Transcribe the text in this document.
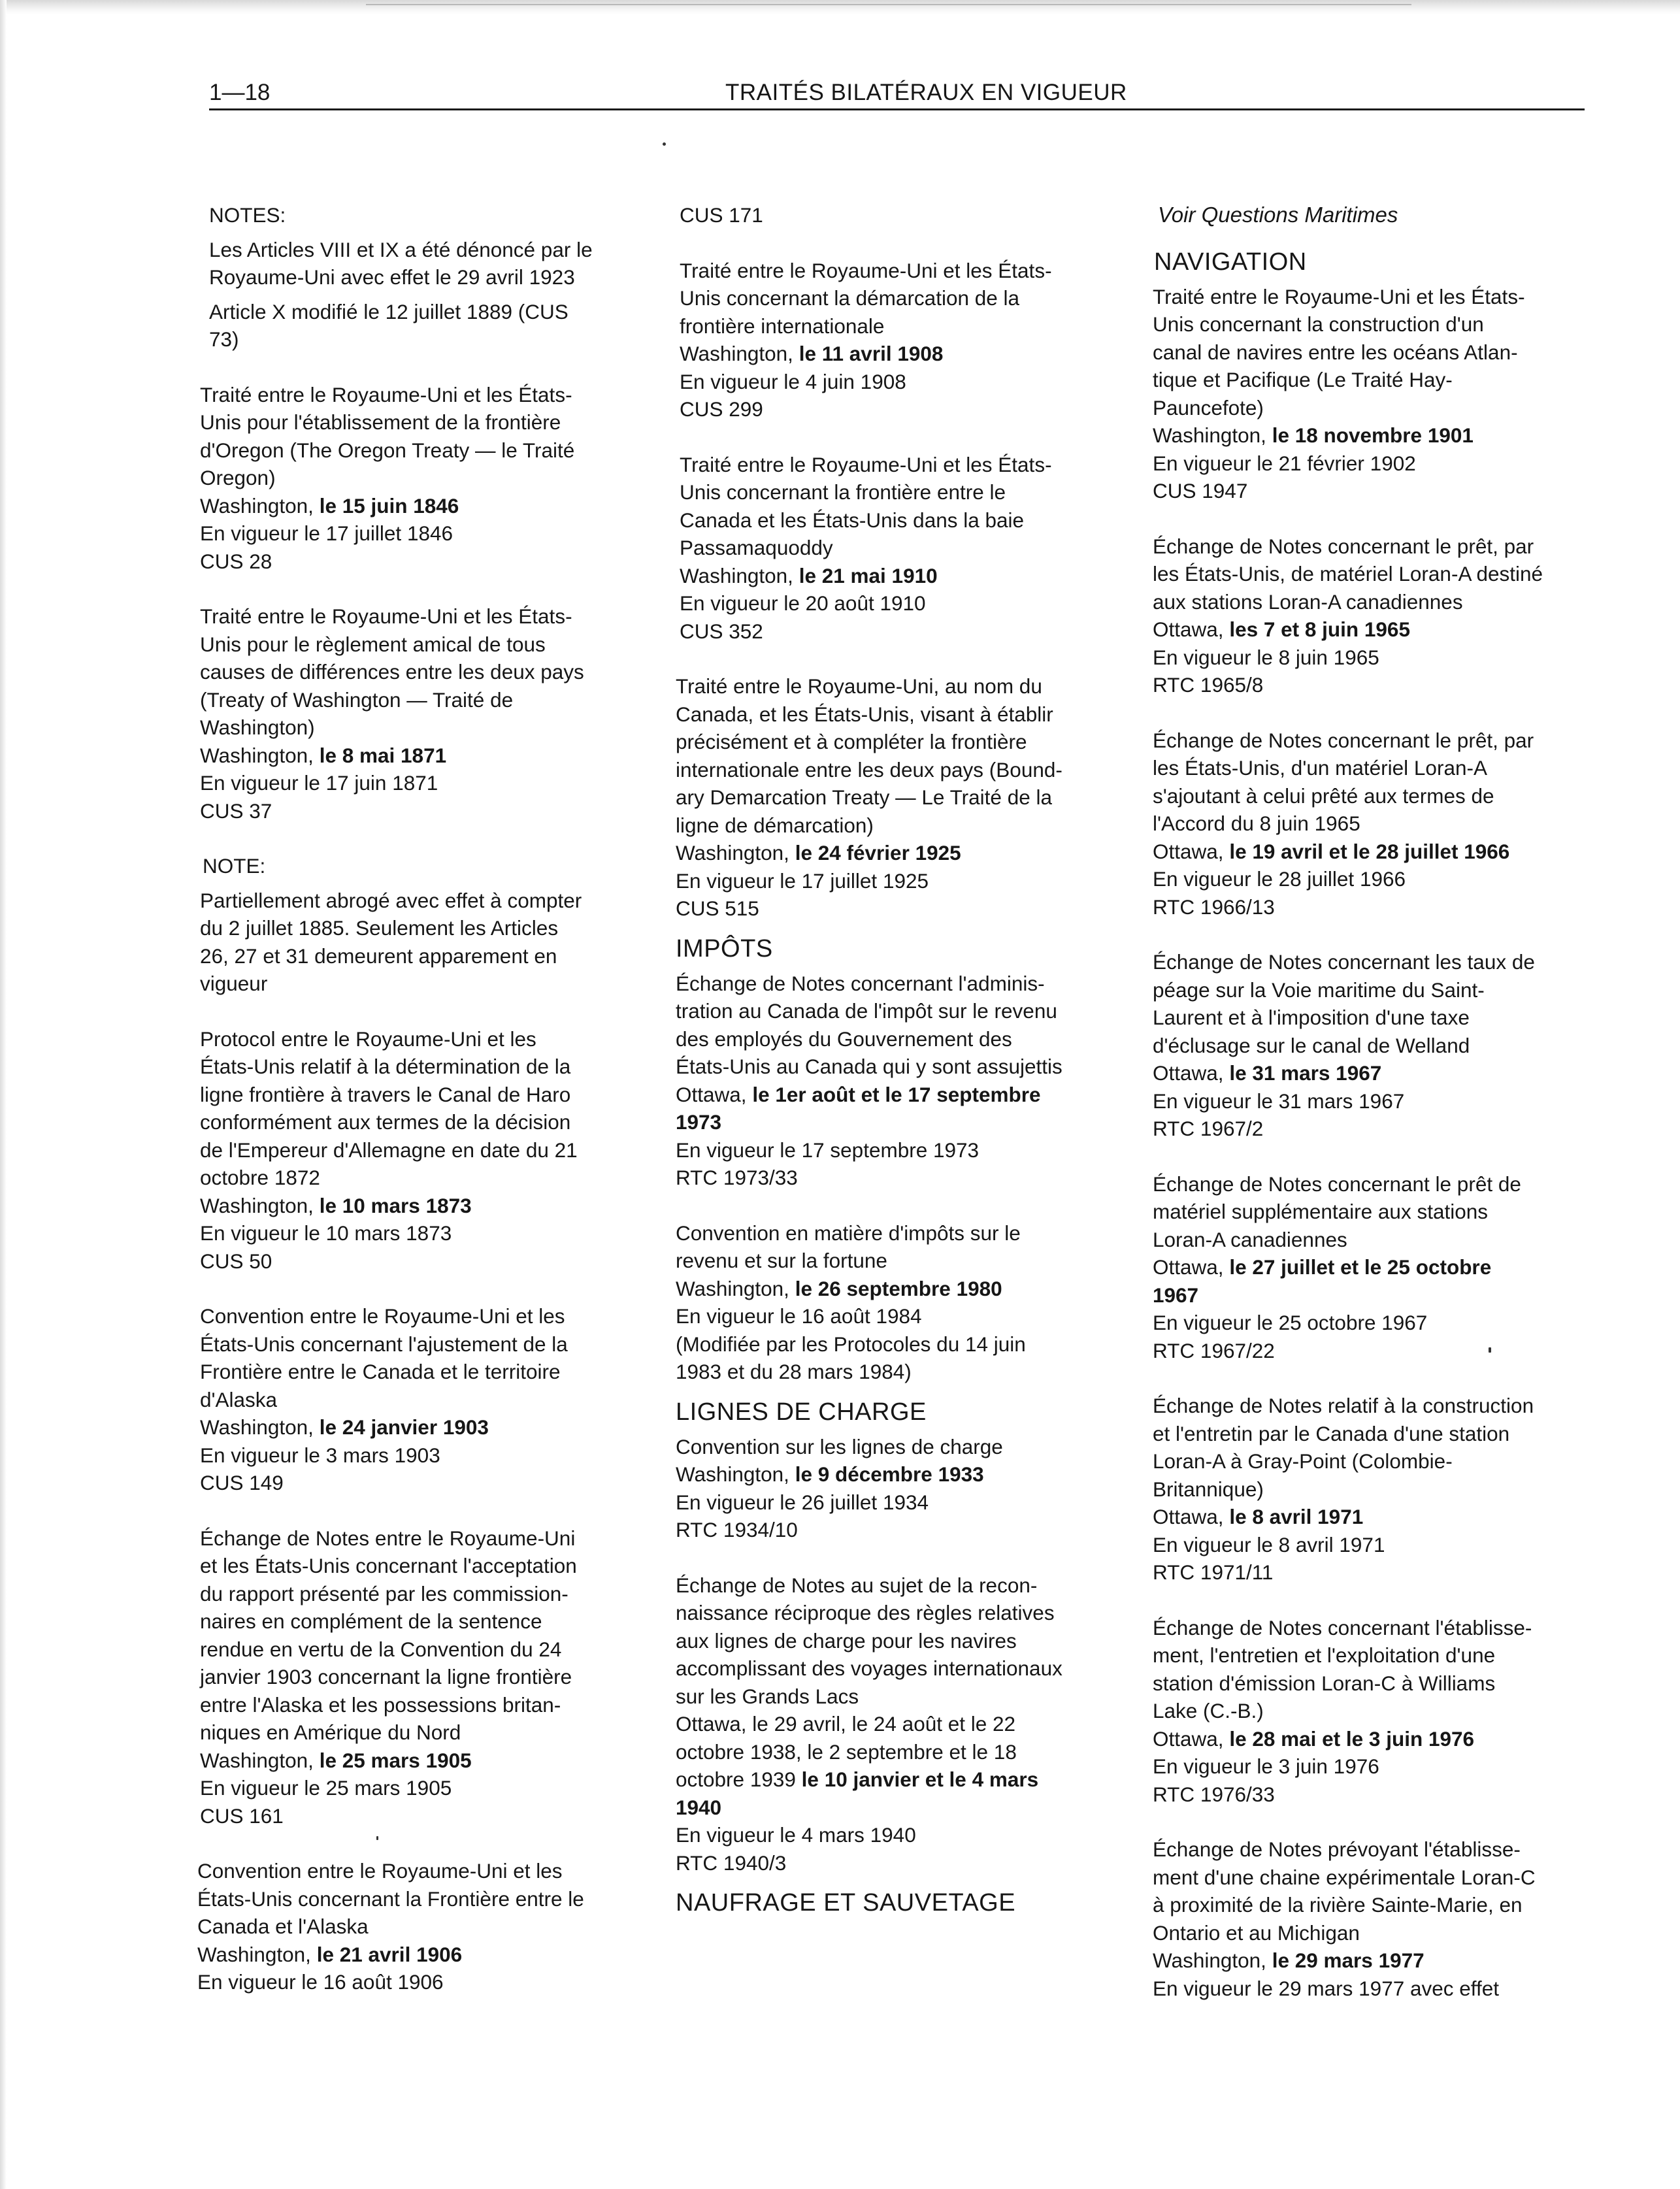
1—18	TRAITÉS BILATÉRAUX EN VIGUEUR
NOTES:
Les Articles VIII et IX a été dénoncé par le
Royaume-Uni avec effet le 29 avril 1923
Article X modifié le 12 juillet 1889 (CUS
73)
Traité entre le Royaume-Uni et les États-
Unis pour l'établissement de la frontière
d'Oregon (The Oregon Treaty — le Traité
Oregon)
Washington, le 15 juin 1846
En vigueur le 17 juillet 1846
CUS 28
Traité entre le Royaume-Uni et les États-
Unis pour le règlement amical de tous
causes de différences entre les deux pays
(Treaty of Washington — Traité de
Washington)
Washington, le 8 mai 1871
En vigueur le 17 juin 1871
CUS 37
NOTE:
Partiellement abrogé avec effet à compter
du 2 juillet 1885. Seulement les Articles
26, 27 et 31 demeurent apparement en
vigueur
Protocol entre le Royaume-Uni et les
États-Unis relatif à la détermination de la
ligne frontière à travers le Canal de Haro
conformément aux termes de la décision
de l'Empereur d'Allemagne en date du 21
octobre 1872
Washington, le 10 mars 1873
En vigueur le 10 mars 1873
CUS 50
Convention entre le Royaume-Uni et les
États-Unis concernant l'ajustement de la
Frontière entre le Canada et le territoire
d'Alaska
Washington, le 24 janvier 1903
En vigueur le 3 mars 1903
CUS 149
Échange de Notes entre le Royaume-Uni
et les États-Unis concernant l'acceptation
du rapport présenté par les commission-
naires en complément de la sentence
rendue en vertu de la Convention du 24
janvier 1903 concernant la ligne frontière
entre l'Alaska et les possessions britan-
niques en Amérique du Nord
Washington, le 25 mars 1905
En vigueur le 25 mars 1905
CUS 161
Convention entre le Royaume-Uni et les
États-Unis concernant la Frontière entre le
Canada et l'Alaska
Washington, le 21 avril 1906
En vigueur le 16 août 1906
CUS 171
Traité entre le Royaume-Uni et les États-
Unis concernant la démarcation de la
frontière internationale
Washington, le 11 avril 1908
En vigueur le 4 juin 1908
CUS 299
Traité entre le Royaume-Uni et les États-
Unis concernant la frontière entre le
Canada et les États-Unis dans la baie
Passamaquoddy
Washington, le 21 mai 1910
En vigueur le 20 août 1910
CUS 352
Traité entre le Royaume-Uni, au nom du
Canada, et les États-Unis, visant à établir
précisément et à compléter la frontière
internationale entre les deux pays (Bound-
ary Demarcation Treaty — Le Traité de la
ligne de démarcation)
Washington, le 24 février 1925
En vigueur le 17 juillet 1925
CUS 515
IMPÔTS
Échange de Notes concernant l'adminis-
tration au Canada de l'impôt sur le revenu
des employés du Gouvernement des
États-Unis au Canada qui y sont assujettis
Ottawa, le 1er août et le 17 septembre
1973
En vigueur le 17 septembre 1973
RTC 1973/33
Convention en matière d'impôts sur le
revenu et sur la fortune
Washington, le 26 septembre 1980
En vigueur le 16 août 1984
(Modifiée par les Protocoles du 14 juin
1983 et du 28 mars 1984)
LIGNES DE CHARGE
Convention sur les lignes de charge
Washington, le 9 décembre 1933
En vigueur le 26 juillet 1934
RTC 1934/10
Échange de Notes au sujet de la recon-
naissance réciproque des règles relatives
aux lignes de charge pour les navires
accomplissant des voyages internationaux
sur les Grands Lacs
Ottawa, le 29 avril, le 24 août et le 22
octobre 1938, le 2 septembre et le 18
octobre 1939 le 10 janvier et le 4 mars
1940
En vigueur le 4 mars 1940
RTC 1940/3
NAUFRAGE ET SAUVETAGE
Voir Questions Maritimes
NAVIGATION
Traité entre le Royaume-Uni et les États-
Unis concernant la construction d'un
canal de navires entre les océans Atlan-
tique et Pacifique (Le Traité Hay-
Pauncefote)
Washington, le 18 novembre 1901
En vigueur le 21 février 1902
CUS 1947
Échange de Notes concernant le prêt, par
les États-Unis, de matériel Loran-A destiné
aux stations Loran-A canadiennes
Ottawa, les 7 et 8 juin 1965
En vigueur le 8 juin 1965
RTC 1965/8
Échange de Notes concernant le prêt, par
les États-Unis, d'un matériel Loran-A
s'ajoutant à celui prêté aux termes de
l'Accord du 8 juin 1965
Ottawa, le 19 avril et le 28 juillet 1966
En vigueur le 28 juillet 1966
RTC 1966/13
Échange de Notes concernant les taux de
péage sur la Voie maritime du Saint-
Laurent et à l'imposition d'une taxe
d'éclusage sur le canal de Welland
Ottawa, le 31 mars 1967
En vigueur le 31 mars 1967
RTC 1967/2
Échange de Notes concernant le prêt de
matériel supplémentaire aux stations
Loran-A canadiennes
Ottawa, le 27 juillet et le 25 octobre
1967
En vigueur le 25 octobre 1967
RTC 1967/22
Échange de Notes relatif à la construction
et l'entretin par le Canada d'une station
Loran-A à Gray-Point (Colombie-
Britannique)
Ottawa, le 8 avril 1971
En vigueur le 8 avril 1971
RTC 1971/11
Échange de Notes concernant l'établisse-
ment, l'entretien et l'exploitation d'une
station d'émission Loran-C à Williams
Lake (C.-B.)
Ottawa, le 28 mai et le 3 juin 1976
En vigueur le 3 juin 1976
RTC 1976/33
Échange de Notes prévoyant l'établisse-
ment d'une chaine expérimentale Loran-C
à proximité de la rivière Sainte-Marie, en
Ontario et au Michigan
Washington, le 29 mars 1977
En vigueur le 29 mars 1977 avec effet
